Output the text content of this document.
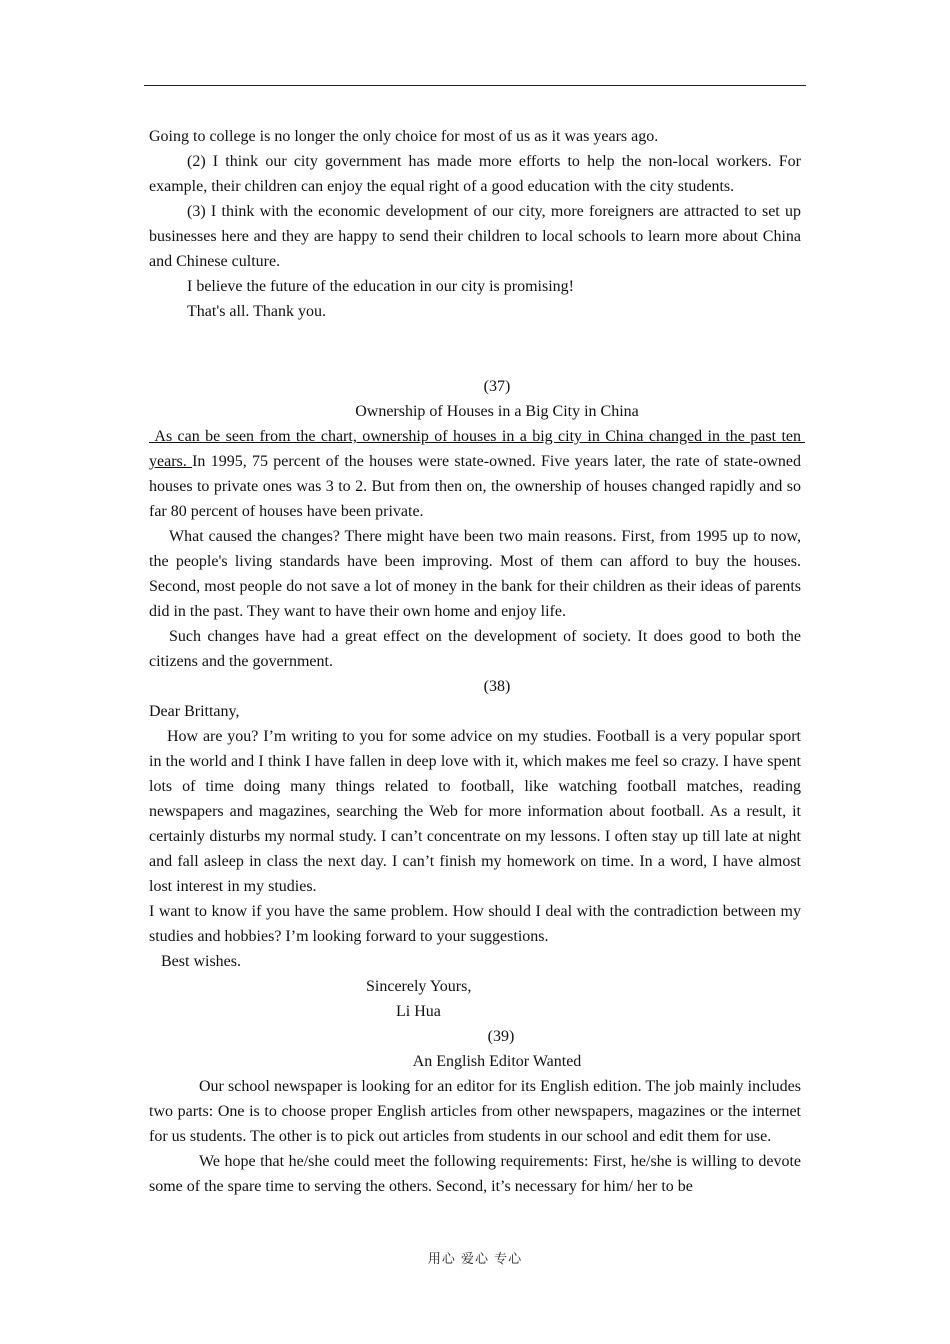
Going to college is no longer the only choice for most of us as it was years ago.

(2) I think our city government has made more efforts to help the non-local workers. For example, their children can enjoy the equal right of a good education with the city students.

(3) I think with the economic development of our city, more foreigners are attracted to set up businesses here and they are happy to send their children to local schools to learn more about China and Chinese culture.

I believe the future of the education in our city is promising!

That's all. Thank you.

(37)

Ownership of Houses in a Big City in China

As can be seen from the chart, ownership of houses in a big city in China changed in the past ten years. In 1995, 75 percent of the houses were state-owned. Five years later, the rate of state-owned houses to private ones was 3 to 2. But from then on, the ownership of houses changed rapidly and so far 80 percent of houses have been private.

What caused the changes? There might have been two main reasons. First, from 1995 up to now, the people's living standards have been improving. Most of them can afford to buy the houses. Second, most people do not save a lot of money in the bank for their children as their ideas of parents did in the past. They want to have their own home and enjoy life.

Such changes have had a great effect on the development of society. It does good to both the citizens and the government.

(38)

Dear Brittany,

How are you? I’m writing to you for some advice on my studies. Football is a very popular sport in the world and I think I have fallen in deep love with it, which makes me feel so crazy. I have spent lots of time doing many things related to football, like watching football matches, reading newspapers and magazines, searching the Web for more information about football. As a result, it certainly disturbs my normal study. I can’t concentrate on my lessons. I often stay up till late at night and fall asleep in class the next day. I can’t finish my homework on time. In a word, I have almost lost interest in my studies.

I want to know if you have the same problem. How should I deal with the contradiction between my studies and hobbies? I’m looking forward to your suggestions.

Best wishes.

Sincerely Yours,

Li Hua

(39)

An English Editor Wanted

Our school newspaper is looking for an editor for its English edition. The job mainly includes two parts: One is to choose proper English articles from other newspapers, magazines or the internet for us students. The other is to pick out articles from students in our school and edit them for use.

We hope that he/she could meet the following requirements: First, he/she is willing to devote some of the spare time to serving the others. Second, it’s necessary for him/ her to be

用心 爱心 专心
